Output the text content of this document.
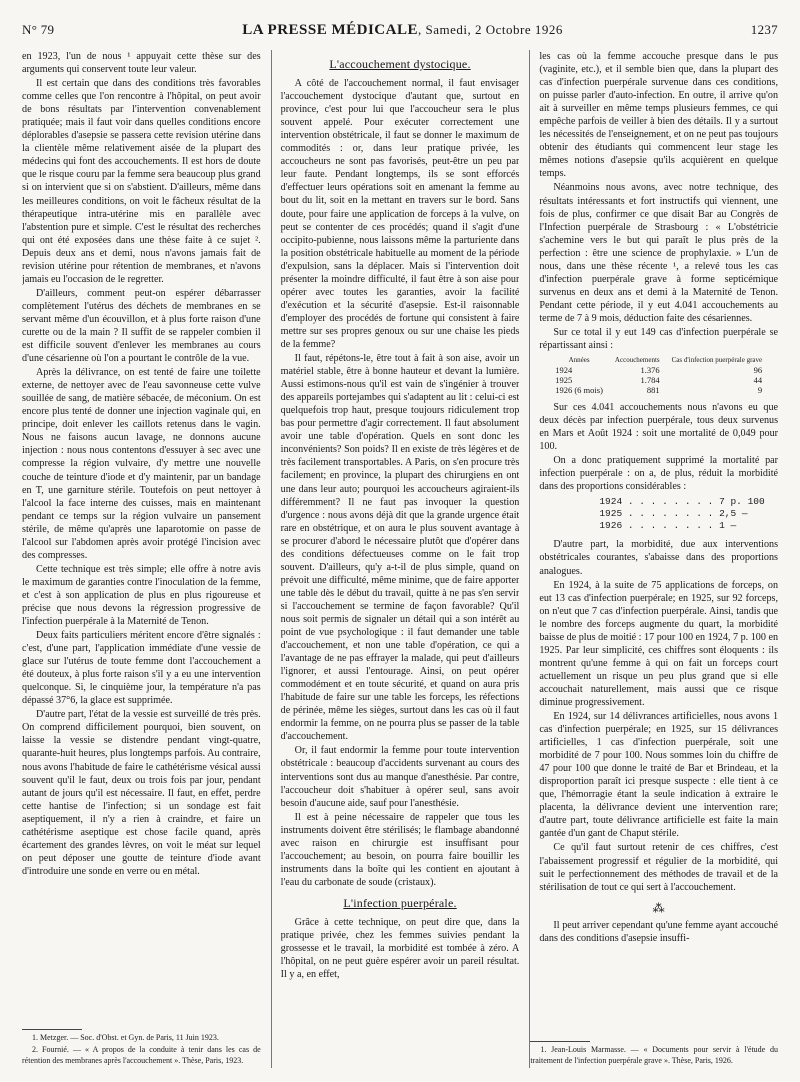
N° 79	LA PRESSE MÉDICALE, Samedi, 2 Octobre 1926	1237

en 1923, l'un de nous ¹ appuyait cette thèse sur des arguments qui conservent toute leur valeur.

Il est certain que dans des conditions très favorables comme celles que l'on rencontre à l'hôpital, on peut avoir de bons résultats par l'intervention convenablement pratiquée; mais il faut voir dans quelles conditions encore déplorables d'asepsie se passera cette revision utérine dans la clientèle même relativement aisée de la plupart des médecins qui font des accouchements. Il est hors de doute que le risque couru par la femme sera beaucoup plus grand si on intervient que si on s'abstient. D'ailleurs, même dans les meilleures conditions, on voit le fâcheux résultat de la thérapeutique intra-utérine mis en parallèle avec l'abstention pure et simple. C'est le résultat des recherches qui ont été exposées dans une thèse faite à ce sujet ². Depuis deux ans et demi, nous n'avons jamais fait de revision utérine pour rétention de membranes, et n'avons jamais eu l'occasion de le regretter.

D'ailleurs, comment peut-on espérer débarrasser complètement l'utérus des déchets de membranes en se servant même d'un écouvillon, et à plus forte raison d'une curette ou de la main ? Il suffit de se rappeler combien il est difficile souvent d'enlever les membranes au cours d'une césarienne où l'on a pourtant le contrôle de la vue.

Après la délivrance, on est tenté de faire une toilette externe, de nettoyer avec de l'eau savonneuse cette vulve souillée de sang, de matière sébacée, de méconium. On est encore plus tenté de donner une injection vaginale qui, en principe, doit enlever les caillots retenus dans le vagin. Nous ne faisons aucun lavage, ne donnons aucune injection : nous nous contentons d'essuyer à sec avec une compresse la région vulvaire, d'y mettre une nouvelle couche de teinture d'iode et d'y maintenir, par un bandage en T, une garniture stérile. Toutefois on peut nettoyer à l'alcool la face interne des cuisses, mais en maintenant pendant ce temps sur la région vulvaire un pansement stérile, de même qu'après une laparotomie on passe de l'alcool sur l'abdomen après avoir protégé l'incision avec des compresses.

Cette technique est très simple; elle offre à notre avis le maximum de garanties contre l'inoculation de la femme, et c'est à son application de plus en plus rigoureuse et précise que nous devons la régression progressive de l'infection puerpérale à la Maternité de Tenon.

Deux faits particuliers méritent encore d'être signalés : c'est, d'une part, l'application immédiate d'une vessie de glace sur l'utérus de toute femme dont l'accouchement a été douteux, à plus forte raison s'il y a eu une intervention quelconque. Si, le cinquième jour, la température n'a pas dépassé 37°6, la glace est supprimée.

D'autre part, l'état de la vessie est surveillé de très près. On comprend difficilement pourquoi, bien souvent, on laisse la vessie se distendre pendant vingt-quatre, quarante-huit heures, plus longtemps parfois. Au contraire, nous avons l'habitude de faire le cathétérisme vésical aussi souvent qu'il le faut, deux ou trois fois par jour, pendant autant de jours qu'il est nécessaire. Il faut, en effet, perdre cette hantise de l'infection; si un sondage est fait aseptiquement, il n'y a rien à craindre, et faire un cathétérisme aseptique est chose facile quand, après écartement des grandes lèvres, on voit le méat sur lequel on peut déposer une goutte de teinture d'iode avant d'introduire une sonde en verre ou en métal.

1. Metzger. — Soc. d'Obst. et Gyn. de Paris, 11 Juin 1923.

2. Fournié. — « A propos de la conduite à tenir dans les cas de rétention des membranes après l'accouchement ». Thèse, Paris, 1923.

L'accouchement dystocique.

A côté de l'accouchement normal, il faut envisager l'accouchement dystocique d'autant que, surtout en province, c'est pour lui que l'accoucheur sera le plus souvent appelé. Pour exécuter correctement une intervention obstétricale, il faut se donner le maximum de commodités : or, dans leur pratique privée, les accoucheurs ne sont pas favorisés, peut-être un peu par leur faute. Pendant longtemps, ils se sont efforcés d'effectuer leurs opérations soit en amenant la femme au bout du lit, soit en la mettant en travers sur le bord. Sans doute, pour faire une application de forceps à la vulve, on peut se contenter de ces procédés; quand il s'agit d'une occipito-pubienne, nous laissons même la parturiente dans la position obstétricale habituelle au moment de la période d'expulsion, sans la déplacer. Mais si l'intervention doit présenter la moindre difficulté, il faut être à son aise pour opérer avec toutes les garanties, avoir la facilité d'exécution et la sécurité d'asepsie. Est-il raisonnable d'employer des procédés de fortune qui consistent à faire mettre sur ses propres genoux ou sur une chaise les pieds de la femme?

Il faut, répétons-le, être tout à fait à son aise, avoir un matériel stable, être à bonne hauteur et devant la lumière. Aussi estimons-nous qu'il est vain de s'ingénier à trouver des appareils portejambes qui s'adaptent au lit : celui-ci est quelquefois trop haut, presque toujours ridiculement trop bas pour permettre d'agir correctement. Il faut absolument avoir une table d'opération. Quels en sont donc les inconvénients? Son poids? Il en existe de très légères et de très facilement transportables. A Paris, on s'en procure très facilement; en province, la plupart des chirurgiens en ont une dans leur auto; pourquoi les accoucheurs agiraient-ils différemment? Il ne faut pas invoquer la question d'urgence : nous avons déjà dit que la grande urgence était rare en obstétrique, et on aura le plus souvent avantage à se procurer d'abord le nécessaire plutôt que d'opérer dans des conditions défectueuses comme on le fait trop souvent. D'ailleurs, qu'y a-t-il de plus simple, quand on prévoit une difficulté, même minime, que de faire apporter une table dès le début du travail, quitte à ne pas s'en servir si l'accouchement se termine de façon favorable? Qu'il nous soit permis de signaler un détail qui a son intérêt au point de vue psychologique : il faut demander une table d'accouchement, et non une table d'opération, ce qui a l'avantage de ne pas effrayer la malade, qui peut d'ailleurs l'ignorer, et aussi l'entourage. Ainsi, on peut opérer commodément et en toute sécurité, et quand on aura pris l'habitude de faire sur une table les forceps, les réfections de périnée, même les sièges, surtout dans les cas où il faut endormir la femme, on ne pourra plus se passer de la table d'accouchement.

Or, il faut endormir la femme pour toute intervention obstétricale : beaucoup d'accidents survenant au cours des interventions sont dus au manque d'anesthésie. Par contre, l'accoucheur doit s'habituer à opérer seul, sans avoir besoin d'aucune aide, sauf pour l'anesthésie.

Il est à peine nécessaire de rappeler que tous les instruments doivent être stérilisés; le flambage abandonné avec raison en chirurgie est insuffisant pour l'accouchement; au besoin, on pourra faire bouillir les instruments dans la boîte qui les contient en ajoutant à l'eau du carbonate de soude (cristaux).

L'infection puerpérale.

Grâce à cette technique, on peut dire que, dans la pratique privée, chez les femmes suivies pendant la grossesse et le travail, la morbidité est tombée à zéro. A l'hôpital, on ne peut guère espérer avoir un pareil résultat. Il y a, en effet,

les cas où la femme accouche presque dans le pus (vaginite, etc.), et il semble bien que, dans la plupart des cas d'infection puerpérale survenue dans ces conditions, on puisse parler d'auto-infection. En outre, il arrive qu'on ait à surveiller en même temps plusieurs femmes, ce qui empêche parfois de veiller à bien des détails. Il y a surtout les nécessités de l'enseignement, et on ne peut pas toujours obtenir des étudiants qui commencent leur stage les mêmes notions d'asepsie qu'ils acquièrent en quelque temps.

Néanmoins nous avons, avec notre technique, des résultats intéressants et fort instructifs qui viennent, une fois de plus, confirmer ce que disait Bar au Congrès de l'Infection puerpérale de Strasbourg : « L'obstétricie s'achemine vers le but qui paraît le plus près de la perfection : être une science de prophylaxie. » L'un de nous, dans une thèse récente ¹, a relevé tous les cas d'infection puerpérale grave à forme septicémique survenus en deux ans et demi à la Maternité de Tenon. Pendant cette période, il y eut 4.041 accouchements au terme de 7 à 9 mois, déduction faite des césariennes.

Sur ce total il y eut 149 cas d'infection puerpérale se répartissant ainsi :

Années	Accouchements	Cas d'infection puerpérale grave
1924	1.376	96
1925	1.784	44
1926 (6 mois)	881	9

Sur ces 4.041 accouchements nous n'avons eu que deux décès par infection puerpérale, tous deux survenus en Mars et Août 1924 : soit une mortalité de 0,049 pour 100.

On a donc pratiquement supprimé la mortalité par infection puerpérale : on a, de plus, réduit la morbidité dans des proportions considérables :

1924 . . . . . . . . 7 p. 100
1925 . . . . . . . . 2,5 —
1926 . . . . . . . . 1 —

D'autre part, la morbidité, due aux interventions obstétricales courantes, s'abaisse dans des proportions analogues.

En 1924, à la suite de 75 applications de forceps, on eut 13 cas d'infection puerpérale; en 1925, sur 92 forceps, on n'eut que 7 cas d'infection puerpérale. Ainsi, tandis que le nombre des forceps augmente du quart, la morbidité baisse de plus de moitié : 17 pour 100 en 1924, 7 p. 100 en 1925. Par leur simplicité, ces chiffres sont éloquents : ils montrent qu'une femme à qui on fait un forceps court actuellement un risque un peu plus grand que si elle accouchait naturellement, mais aussi que ce risque diminue progressivement.

En 1924, sur 14 délivrances artificielles, nous avons 1 cas d'infection puerpérale; en 1925, sur 15 délivrances artificielles, 1 cas d'infection puerpérale, soit une morbidité de 7 pour 100. Nous sommes loin du chiffre de 47 pour 100 que donne le traité de Bar et Brindeau, et la disproportion paraît ici presque suspecte : elle tient à ce que, l'hémorragie étant la seule indication à extraire le placenta, la délivrance devient une intervention rare; d'autre part, toute délivrance artificielle est faite la main gantée d'un gant de Chaput stérile.

Ce qu'il faut surtout retenir de ces chiffres, c'est l'abaissement progressif et régulier de la morbidité, qui suit le perfectionnement des méthodes de travail et de la stérilisation de tout ce qui sert à l'accouchement.

⁂

Il peut arriver cependant qu'une femme ayant accouché dans des conditions d'asepsie insuffi-

1. Jean-Louis Marmasse. — « Documents pour servir à l'étude du traitement de l'infection puerpérale grave ». Thèse, Paris, 1926.
